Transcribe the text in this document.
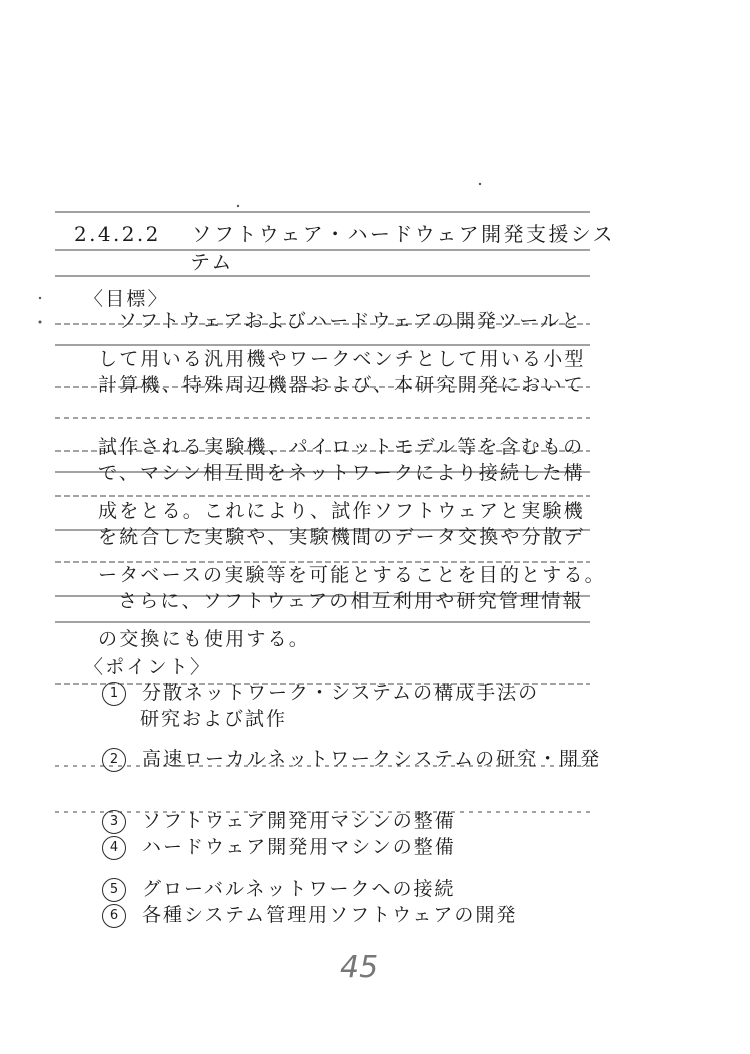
2.4.2.2 ソフトウェア・ハードウェア開発支援シス
テム
〈目標〉
ソフトウェアおよびハードウェアの開発ツールと
して用いる汎用機やワークベンチとして用いる小型
計算機、特殊周辺機器および、本研究開発において
試作される実験機、パイロットモデル等を含むもの
で、マシン相互間をネットワークにより接続した構
成をとる。これにより、試作ソフトウェアと実験機
を統合した実験や、実験機間のデータ交換や分散デ
ータベースの実験等を可能とすることを目的とする。
さらに、ソフトウェアの相互利用や研究管理情報
の交換にも使用する。
〈ポイント〉
1 分散ネットワーク・システムの構成手法の
研究および試作
2 高速ローカルネットワークシステムの研究・開発
3 ソフトウェア開発用マシンの整備
4 ハードウェア開発用マシンの整備
5 グローバルネットワークへの接続
6 各種システム管理用ソフトウェアの開発
45
